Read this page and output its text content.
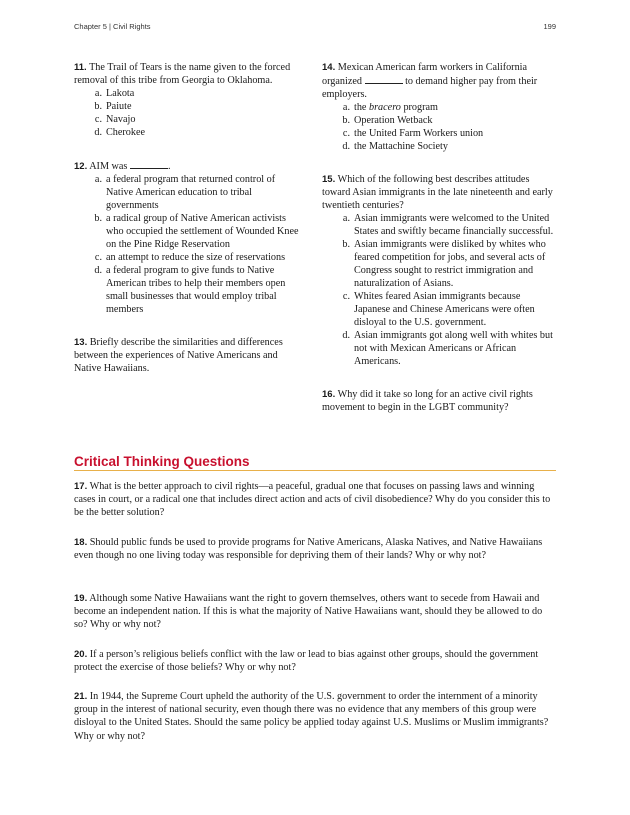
Chapter 5 | Civil Rights	199

11. The Trail of Tears is the name given to the forced removal of this tribe from Georgia to Oklahoma.

a. Lakota
b. Paiute
c. Navajo
d. Cherokee

12. AIM was	.

a. a federal program that returned control of Native American education to tribal governments
b. a radical group of Native American activists who occupied the settlement of Wounded Knee on the Pine Ridge Reservation
c. an attempt to reduce the size of reservations
d. a federal program to give funds to Native American tribes to help their members open small businesses that would employ tribal members

13. Briefly describe the similarities and differences between the experiences of Native Americans and Native Hawaiians.

14. Mexican American farm workers in California organized	to demand higher pay from their employers.

a. the bracero program
b. Operation Wetback
c. the United Farm Workers union
d. the Mattachine Society

15. Which of the following best describes attitudes toward Asian immigrants in the late nineteenth and early twentieth centuries?

a. Asian immigrants were welcomed to the United States and swiftly became financially successful.
b. Asian immigrants were disliked by whites who feared competition for jobs, and several acts of Congress sought to restrict immigration and naturalization of Asians.
c. Whites feared Asian immigrants because Japanese and Chinese Americans were often disloyal to the U.S. government.
d. Asian immigrants got along well with whites but not with Mexican Americans or African Americans.

16. Why did it take so long for an active civil rights movement to begin in the LGBT community?

Critical Thinking Questions

17. What is the better approach to civil rights—a peaceful, gradual one that focuses on passing laws and winning cases in court, or a radical one that includes direct action and acts of civil disobedience? Why do you consider this to be the better solution?

18. Should public funds be used to provide programs for Native Americans, Alaska Natives, and Native Hawaiians even though no one living today was responsible for depriving them of their lands? Why or why not?

19. Although some Native Hawaiians want the right to govern themselves, others want to secede from Hawaii and become an independent nation. If this is what the majority of Native Hawaiians want, should they be allowed to do so? Why or why not?

20. If a person’s religious beliefs conflict with the law or lead to bias against other groups, should the government protect the exercise of those beliefs? Why or why not?

21. In 1944, the Supreme Court upheld the authority of the U.S. government to order the internment of a minority group in the interest of national security, even though there was no evidence that any members of this group were disloyal to the United States. Should the same policy be applied today against U.S. Muslims or Muslim immigrants? Why or why not?
